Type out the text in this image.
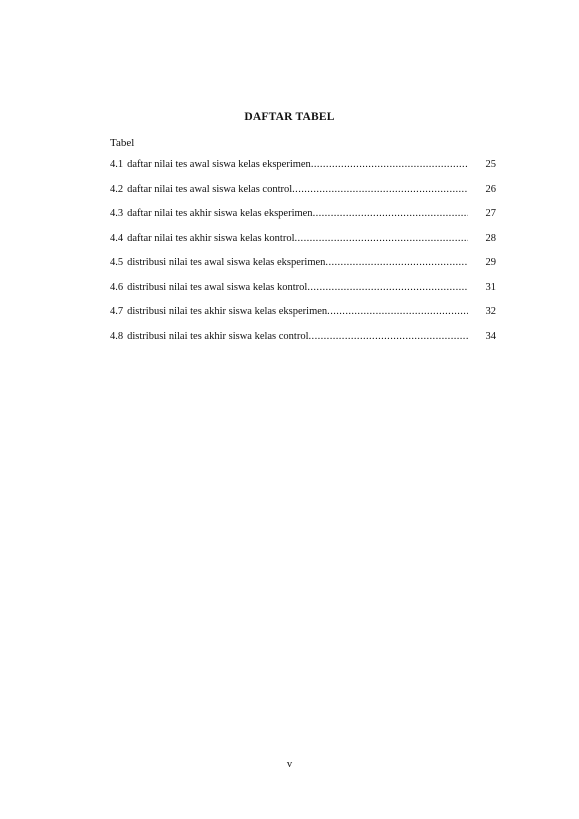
DAFTAR TABEL
Tabel
4.1 daftar nilai tes awal siswa kelas eksperimen .....	25
4.2 daftar nilai tes awal siswa kelas control .....	26
4.3 daftar nilai tes akhir siswa kelas eksperimen .....	27
4.4 daftar nilai tes akhir siswa kelas kontrol .....	28
4.5 distribusi nilai tes awal siswa kelas eksperimen .....	29
4.6 distribusi nilai tes awal siswa kelas kontrol .....	31
4.7 distribusi nilai tes akhir siswa kelas eksperimen .....	32
4.8 distribusi nilai tes akhir siswa kelas control .....	34
v
